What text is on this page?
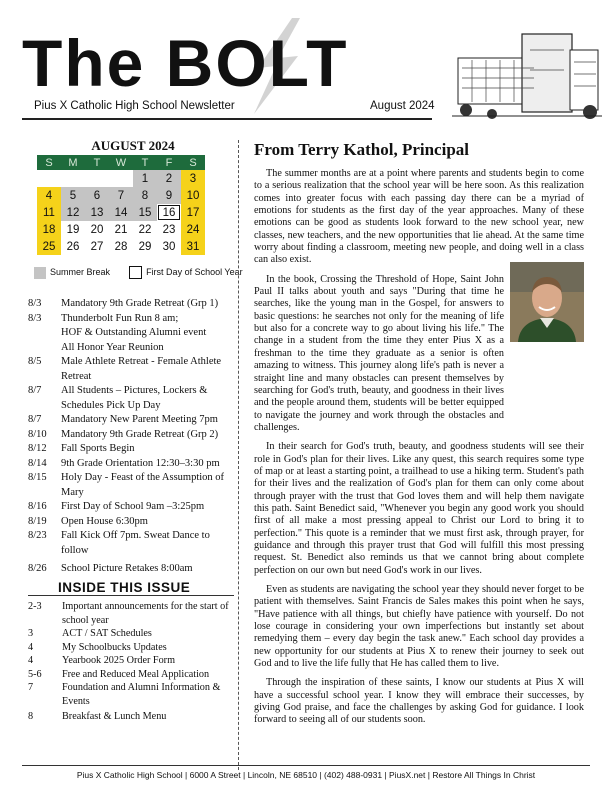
The BOLT
Pius X Catholic High School Newsletter	August 2024
AUGUST 2024
S	M	T	W	T	F	S
				1	2	3
4	5	6	7	8	9	10
11	12	13	14	15	16	17
18	19	20	21	22	23	24
25	26	27	28	29	30	31
Summer Break	First Day of School Year
8/3	Mandatory 9th Grade Retreat (Grp 1)
8/3	Thunderbolt Fun Run 8 am;
HOF & Outstanding Alumni event
All Honor Year Reunion
8/5	Male Athlete Retreat - Female Athlete Retreat
8/7	All Students – Pictures, Lockers & Schedules Pick Up Day
8/7	Mandatory New Parent Meeting 7pm
8/10	Mandatory 9th Grade Retreat (Grp 2)
8/12	Fall Sports Begin
8/14	9th Grade Orientation 12:30–3:30 pm
8/15	Holy Day - Feast of the Assumption of Mary
8/16	First Day of School 9am –3:25pm
8/19	Open House 6:30pm
8/23	Fall Kick Off 7pm. Sweat Dance to follow
8/26	School Picture Retakes 8:00am
INSIDE THIS ISSUE
2-3	Important announcements for the start of school year
3	ACT / SAT Schedules
4	My Schoolbucks Updates
4	Yearbook 2025 Order Form
5-6	Free and Reduced Meal Application
7	Foundation and Alumni Information & Events
8	Breakfast & Lunch Menu
From Terry Kathol, Principal

The summer months are at a point where parents and students begin to come to a serious realization that the school year will be here soon. As this realization comes into greater focus with each passing day there can be a myriad of emotions for students as the first day of the year approaches. Many of these emotions can be good as students look forward to the new school year, new classes, new teachers, and the new opportunities that lie ahead. At the same time worry about finding a classroom, meeting new people, and doing well in a class can also exist.

In the book, Crossing the Threshold of Hope, Saint John Paul II talks about youth and says "During that time he searches, like the young man in the Gospel, for answers to basic questions: he searches not only for the meaning of life but also for a concrete way to go about living his life." The change in a student from the time they enter Pius X as a freshman to the time they graduate as a senior is often amazing to witness. This journey along life's path is never a straight line and many obstacles can present themselves by searching for God's truth, beauty, and goodness in their lives and the people around them, students will be better equipped to navigate the journey and work through the obstacles and challenges.

In their search for God's truth, beauty, and goodness students will see their role in God's plan for their lives. Like any quest, this search requires some type of map or at least a starting point, a trailhead to use a hiking term. Student's path for their lives and the realization of God's plan for them can only come about through prayer with the trust that God loves them and will help them navigate this path. Saint Benedict said, "Whenever you begin any good work you should first of all make a most pressing appeal to Christ our Lord to bring it to perfection." This quote is a reminder that we must first ask, through prayer, for guidance and through this prayer trust that God will fulfill this most pressing request. St. Benedict also reminds us that we cannot bring about complete perfection on our own but need God's work in our lives.

Even as students are navigating the school year they should never forget to be patient with themselves. Saint Francis de Sales makes this point when he says, "Have patience with all things, but chiefly have patience with yourself. Do not lose courage in considering your own imperfections but instantly set about remedying them – every day begin the task anew." Each school day provides a new opportunity for our students at Pius X to renew their journey to seek out God and to live the life fully that He has called them to live.

Through the inspiration of these saints, I know our students at Pius X will have a successful school year. I know they will embrace their successes, by giving God praise, and face the challenges by asking God for guidance. I look forward to seeing all of our students soon.

Pius X Catholic High School | 6000 A Street | Lincoln, NE 68510 | (402) 488-0931 | PiusX.net | Restore All Things In Christ
